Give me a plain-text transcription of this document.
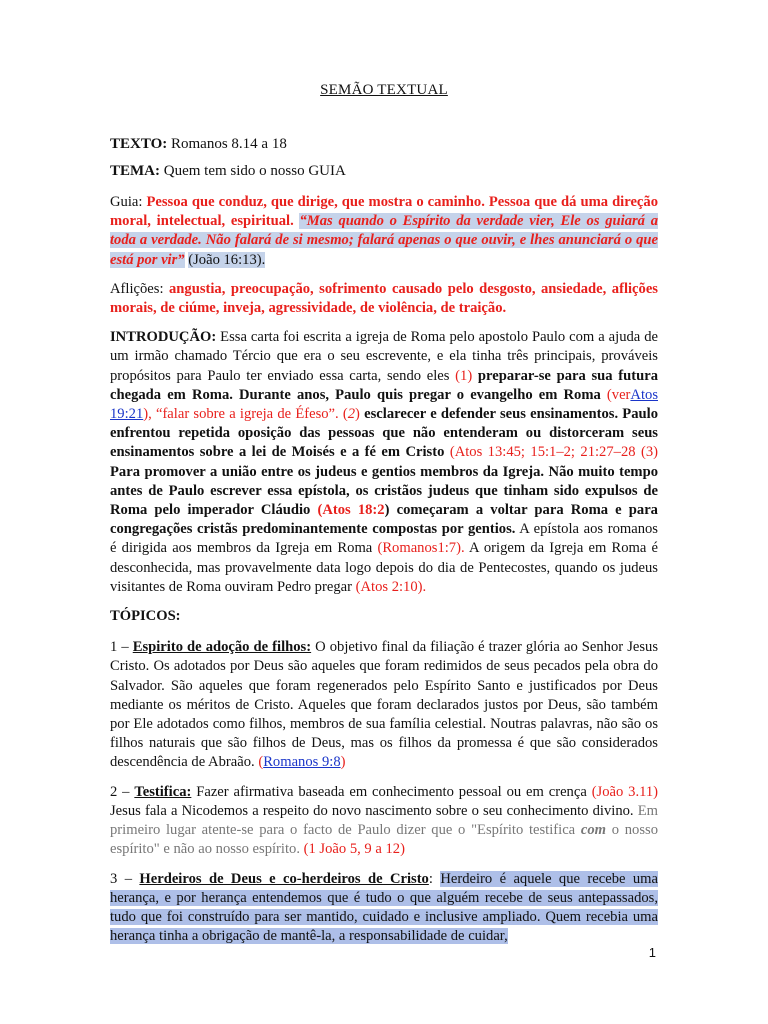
SEMÃO TEXTUAL
TEXTO: Romanos 8.14 a 18
TEMA: Quem tem sido o nosso GUIA

Guia: Pessoa que conduz, que dirige, que mostra o caminho. Pessoa que dá uma direção moral, intelectual, espiritual. “Mas quando o Espírito da verdade vier, Ele os guiará a toda a verdade. Não falará de si mesmo; falará apenas o que ouvir, e lhes anunciará o que está por vir” (João 16:13).

Aflições: angustia, preocupação, sofrimento causado pelo desgosto, ansiedade, aflições morais, de ciúme, inveja, agressividade, de violência, de traição.

INTRODUÇÃO: Essa carta foi escrita a igreja de Roma pelo apostolo Paulo com a ajuda de um irmão chamado Tércio que era o seu escrevente, e ela tinha três principais, prováveis propósitos para Paulo ter enviado essa carta, sendo eles (1) preparar-se para sua futura chegada em Roma. Durante anos, Paulo quis pregar o evangelho em Roma (verAtos 19:21), “falar sobre a igreja de Éfeso”. (2) esclarecer e defender seus ensinamentos. Paulo enfrentou repetida oposição das pessoas que não entenderam ou distorceram seus ensinamentos sobre a lei de Moisés e a fé em Cristo (Atos 13:45; 15:1–2; 21:27–28 (3) Para promover a união entre os judeus e gentios membros da Igreja. Não muito tempo antes de Paulo escrever essa epístola, os cristãos judeus que tinham sido expulsos de Roma pelo imperador Cláudio (Atos 18:2) começaram a voltar para Roma e para congregações cristãs predominantemente compostas por gentios. A epístola aos romanos é dirigida aos membros da Igreja em Roma (Romanos1:7). A origem da Igreja em Roma é desconhecida, mas provavelmente data logo depois do dia de Pentecostes, quando os judeus visitantes de Roma ouviram Pedro pregar (Atos 2:10).

TÓPICOS:

1 – Espirito de adoção de filhos: O objetivo final da filiação é trazer glória ao Senhor Jesus Cristo. Os adotados por Deus são aqueles que foram redimidos de seus pecados pela obra do Salvador. São aqueles que foram regenerados pelo Espírito Santo e justificados por Deus mediante os méritos de Cristo. Aqueles que foram declarados justos por Deus, são também por Ele adotados como filhos, membros de sua família celestial. Noutras palavras, não são os filhos naturais que são filhos de Deus, mas os filhos da promessa é que são considerados descendência de Abraão. (Romanos 9:8)

2 – Testifica: Fazer afirmativa baseada em conhecimento pessoal ou em crença (João 3.11) Jesus fala a Nicodemos a respeito do novo nascimento sobre o seu conhecimento divino. Em primeiro lugar atente-se para o facto de Paulo dizer que o "Espírito testifica com o nosso espírito" e não ao nosso espírito. (1 João 5, 9 a 12)

3 – Herdeiros de Deus e co-herdeiros de Cristo: Herdeiro é aquele que recebe uma herança, e por herança entendemos que é tudo o que alguém recebe de seus antepassados, tudo que foi construído para ser mantido, cuidado e inclusive ampliado. Quem recebia uma herança tinha a obrigação de mantê-la, a responsabilidade de cuidar,

1
